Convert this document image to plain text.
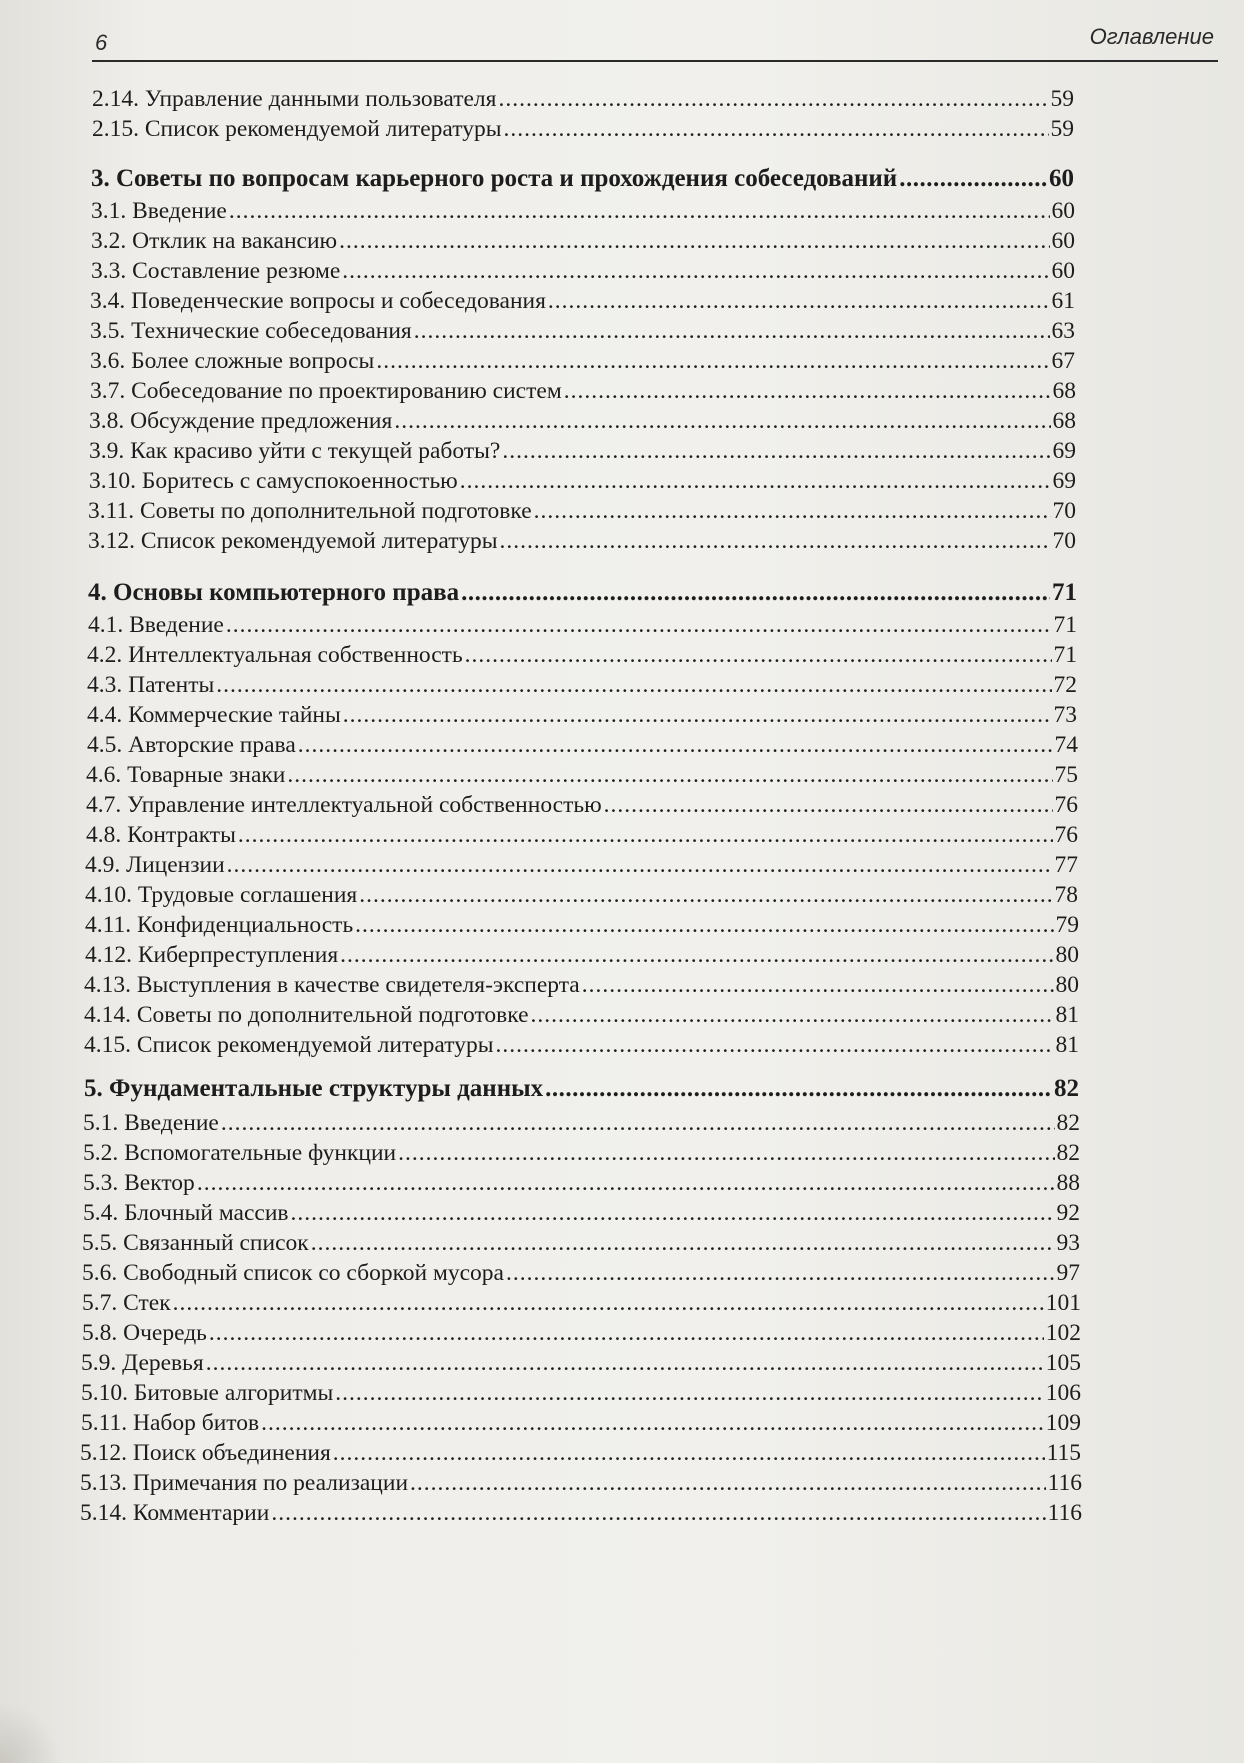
6	Оглавление
2.14. Управление данными пользователя .....	59
2.15. Список рекомендуемой литературы .....	59
3. Советы по вопросам карьерного роста и прохождения собеседований .....	60
3.1. Введение .....	60
3.2. Отклик на вакансию .....	60
3.3. Составление резюме .....	60
3.4. Поведенческие вопросы и собеседования .....	61
3.5. Технические собеседования .....	63
3.6. Более сложные вопросы .....	67
3.7. Собеседование по проектированию систем .....	68
3.8. Обсуждение предложения .....	68
3.9. Как красиво уйти с текущей работы? .....	69
3.10. Боритесь с самуспокоенностью .....	69
3.11. Советы по дополнительной подготовке .....	70
3.12. Список рекомендуемой литературы .....	70
4. Основы компьютерного права .....	71
4.1. Введение .....	71
4.2. Интеллектуальная собственность .....	71
4.3. Патенты .....	72
4.4. Коммерческие тайны .....	73
4.5. Авторские права .....	74
4.6. Товарные знаки .....	75
4.7. Управление интеллектуальной собственностью .....	76
4.8. Контракты .....	76
4.9. Лицензии .....	77
4.10. Трудовые соглашения .....	78
4.11. Конфиденциальность .....	79
4.12. Киберпреступления .....	80
4.13. Выступления в качестве свидетеля-эксперта .....	80
4.14. Советы по дополнительной подготовке .....	81
4.15. Список рекомендуемой литературы .....	81
5. Фундаментальные структуры данных .....	82
5.1. Введение .....	82
5.2. Вспомогательные функции .....	82
5.3. Вектор .....	88
5.4. Блочный массив .....	92
5.5. Связанный список .....	93
5.6. Свободный список со сборкой мусора .....	97
5.7. Стек .....	101
5.8. Очередь .....	102
5.9. Деревья .....	105
5.10. Битовые алгоритмы .....	106
5.11. Набор битов .....	109
5.12. Поиск объединения .....	115
5.13. Примечания по реализации .....	116
5.14. Комментарии .....	116
